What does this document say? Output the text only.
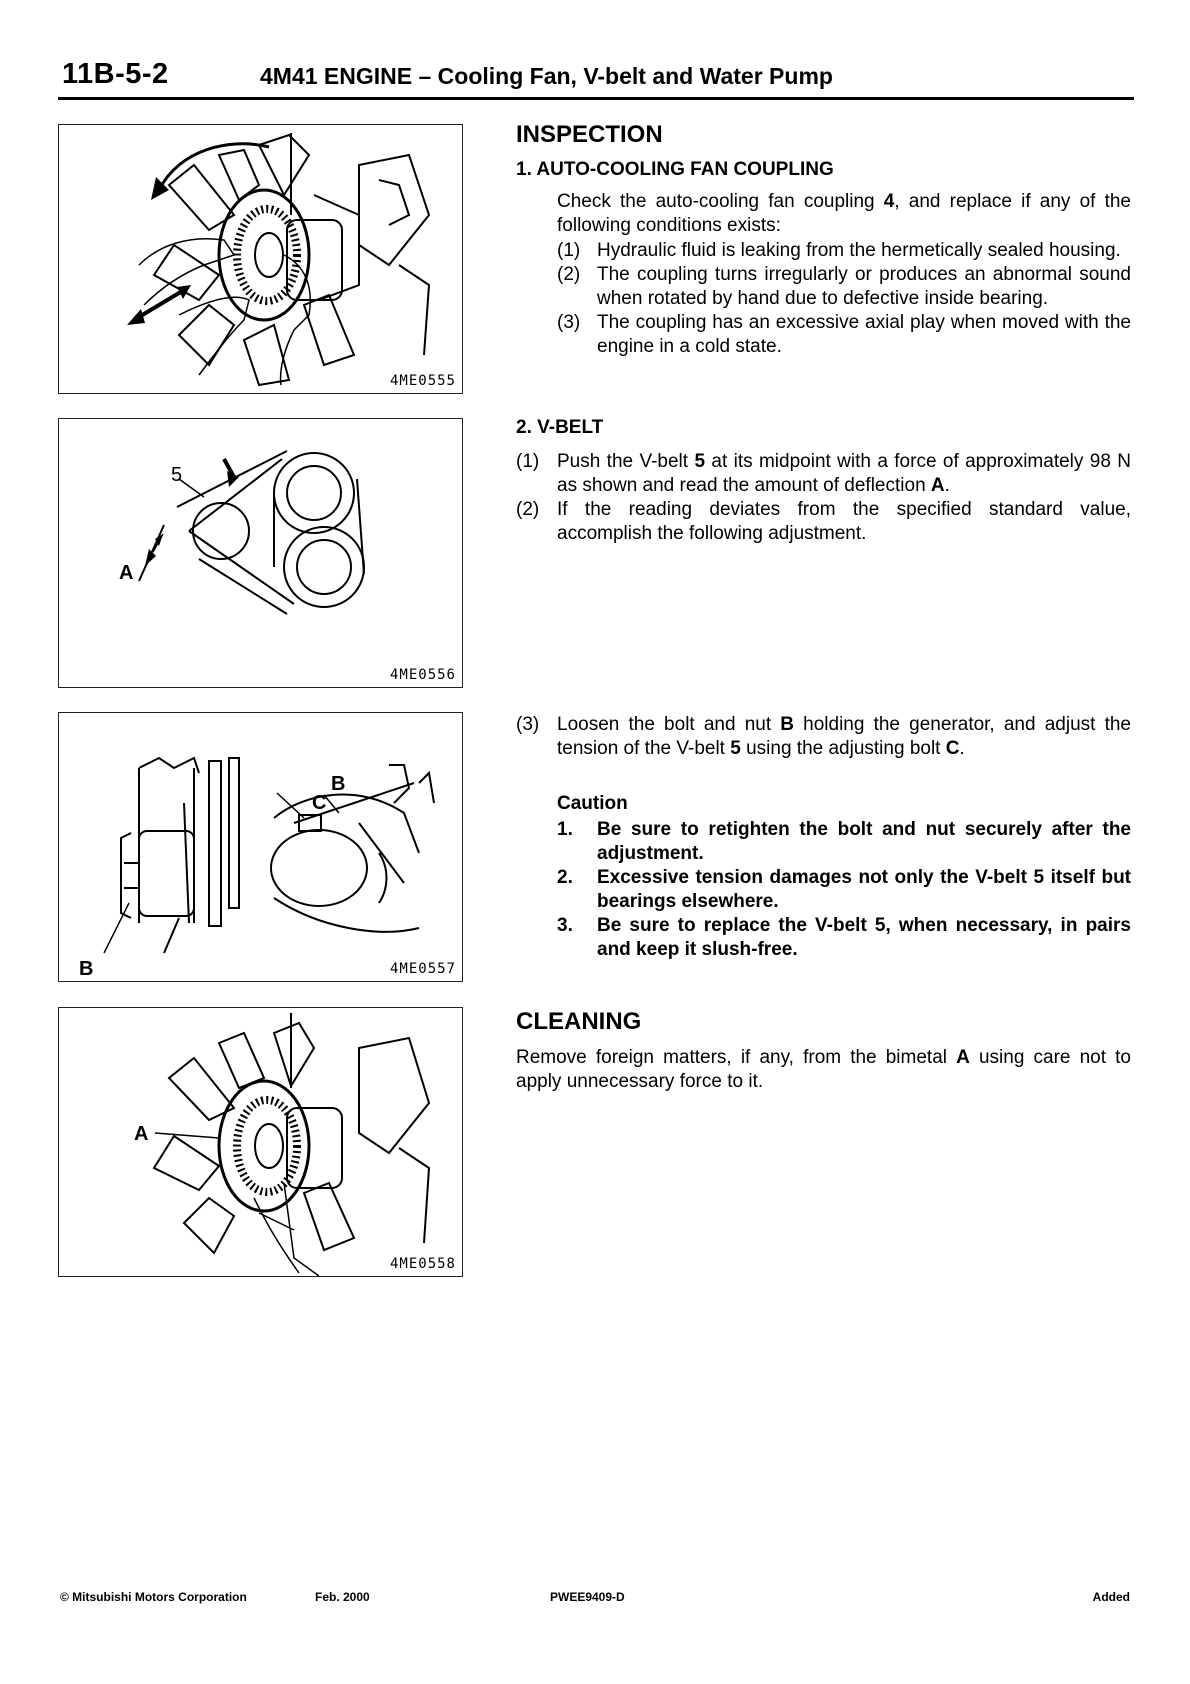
11B-5-2	4M41 ENGINE – Cooling Fan, V-belt and Water Pump
4ME0555
5
A
4ME0556
B
C
B	4ME0557
A
4ME0558
INSPECTION
1. AUTO-COOLING FAN COUPLING
Check the auto-cooling fan coupling 4, and replace if any of the following conditions exists:
(1) Hydraulic fluid is leaking from the hermetically sealed housing.
(2) The coupling turns irregularly or produces an abnormal sound when rotated by hand due to defective inside bearing.
(3) The coupling has an excessive axial play when moved with the engine in a cold state.
2. V-BELT
(1) Push the V-belt 5 at its midpoint with a force of approximately 98 N as shown and read the amount of deflection A.
(2) If the reading deviates from the specified standard value, accomplish the following adjustment.
(3) Loosen the bolt and nut B holding the generator, and adjust the tension of the V-belt 5 using the adjusting bolt C.
Caution
1.	Be sure to retighten the bolt and nut securely after the adjustment.
2.	Excessive tension damages not only the V-belt 5 itself but bearings elsewhere.
3.	Be sure to replace the V-belt 5, when necessary, in pairs and keep it slush-free.
CLEANING
Remove foreign matters, if any, from the bimetal A using care not to apply unnecessary force to it.
© Mitsubishi Motors Corporation	Feb. 2000	PWEE9409-D	Added
